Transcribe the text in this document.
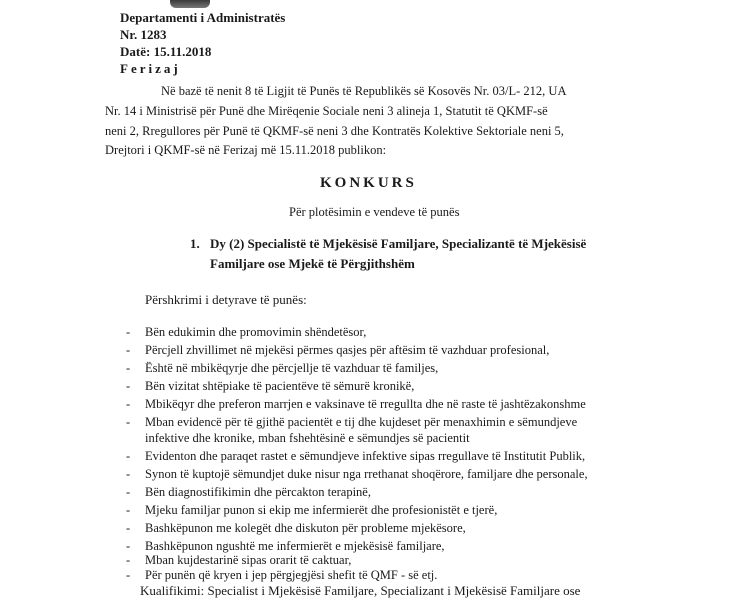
Departamenti i Administratës
Nr. 1283
Datë: 15.11.2018
Ferizaj
Në bazë të nenit 8 të Ligjit të Punës të Republikës së Kosovës Nr. 03/L- 212, UA
Nr. 14 i Ministrisë për Punë dhe Mirëqenie Sociale neni 3 alineja 1, Statutit të QKMF-së
neni 2, Rregullores për Punë të QKMF-së neni 3 dhe Kontratës Kolektive Sektoriale neni 5,
Drejtori i QKMF-së në Ferizaj më 15.11.2018 publikon:
KONKURS
Për plotësimin e vendeve të punës
1. Dy (2) Specialistë të Mjekësisë Familjare, Specializantë të Mjekësisë
Familjare ose Mjekë të Përgjithshëm
Përshkrimi i detyrave të punës:
- Bën edukimin dhe promovimin shëndetësor,
- Përcjell zhvillimet në mjekësi përmes qasjes për aftësim të vazhduar profesional,
- Është në mbikëqyrje dhe përcjellje të vazhduar të familjes,
- Bën vizitat shtëpiake të pacientëve të sëmurë kronikë,
- Mbikëqyr dhe preferon marrjen e vaksinave të rregullta dhe në raste të jashtëzakonshme
- Mban evidencë për të gjithë pacientët e tij dhe kujdeset për menaxhimin e sëmundjeve
infektive dhe kronike, mban fshehtësinë e sëmundjes së pacientit
- Evidenton dhe paraqet rastet e sëmundjeve infektive sipas rregullave të Institutit Publik,
- Synon të kuptojë sëmundjet duke nisur nga rrethanat shoqërore, familjare dhe personale,
- Bën diagnostifikimin dhe përcakton terapinë,
- Mjeku familjar punon si ekip me infermierët dhe profesionistët e tjerë,
- Bashkëpunon me kolegët dhe diskuton për probleme mjekësore,
- Bashkëpunon ngushtë me infermierët e mjekësisë familjare,
- Mban kujdestarinë sipas orarit të caktuar,
- Për punën që kryen i jep përgjegjësi shefit të QMF - së etj.
Kualifikimi: Specialist i Mjekësisë Familjare, Specializant i Mjekësisë Familjare ose
